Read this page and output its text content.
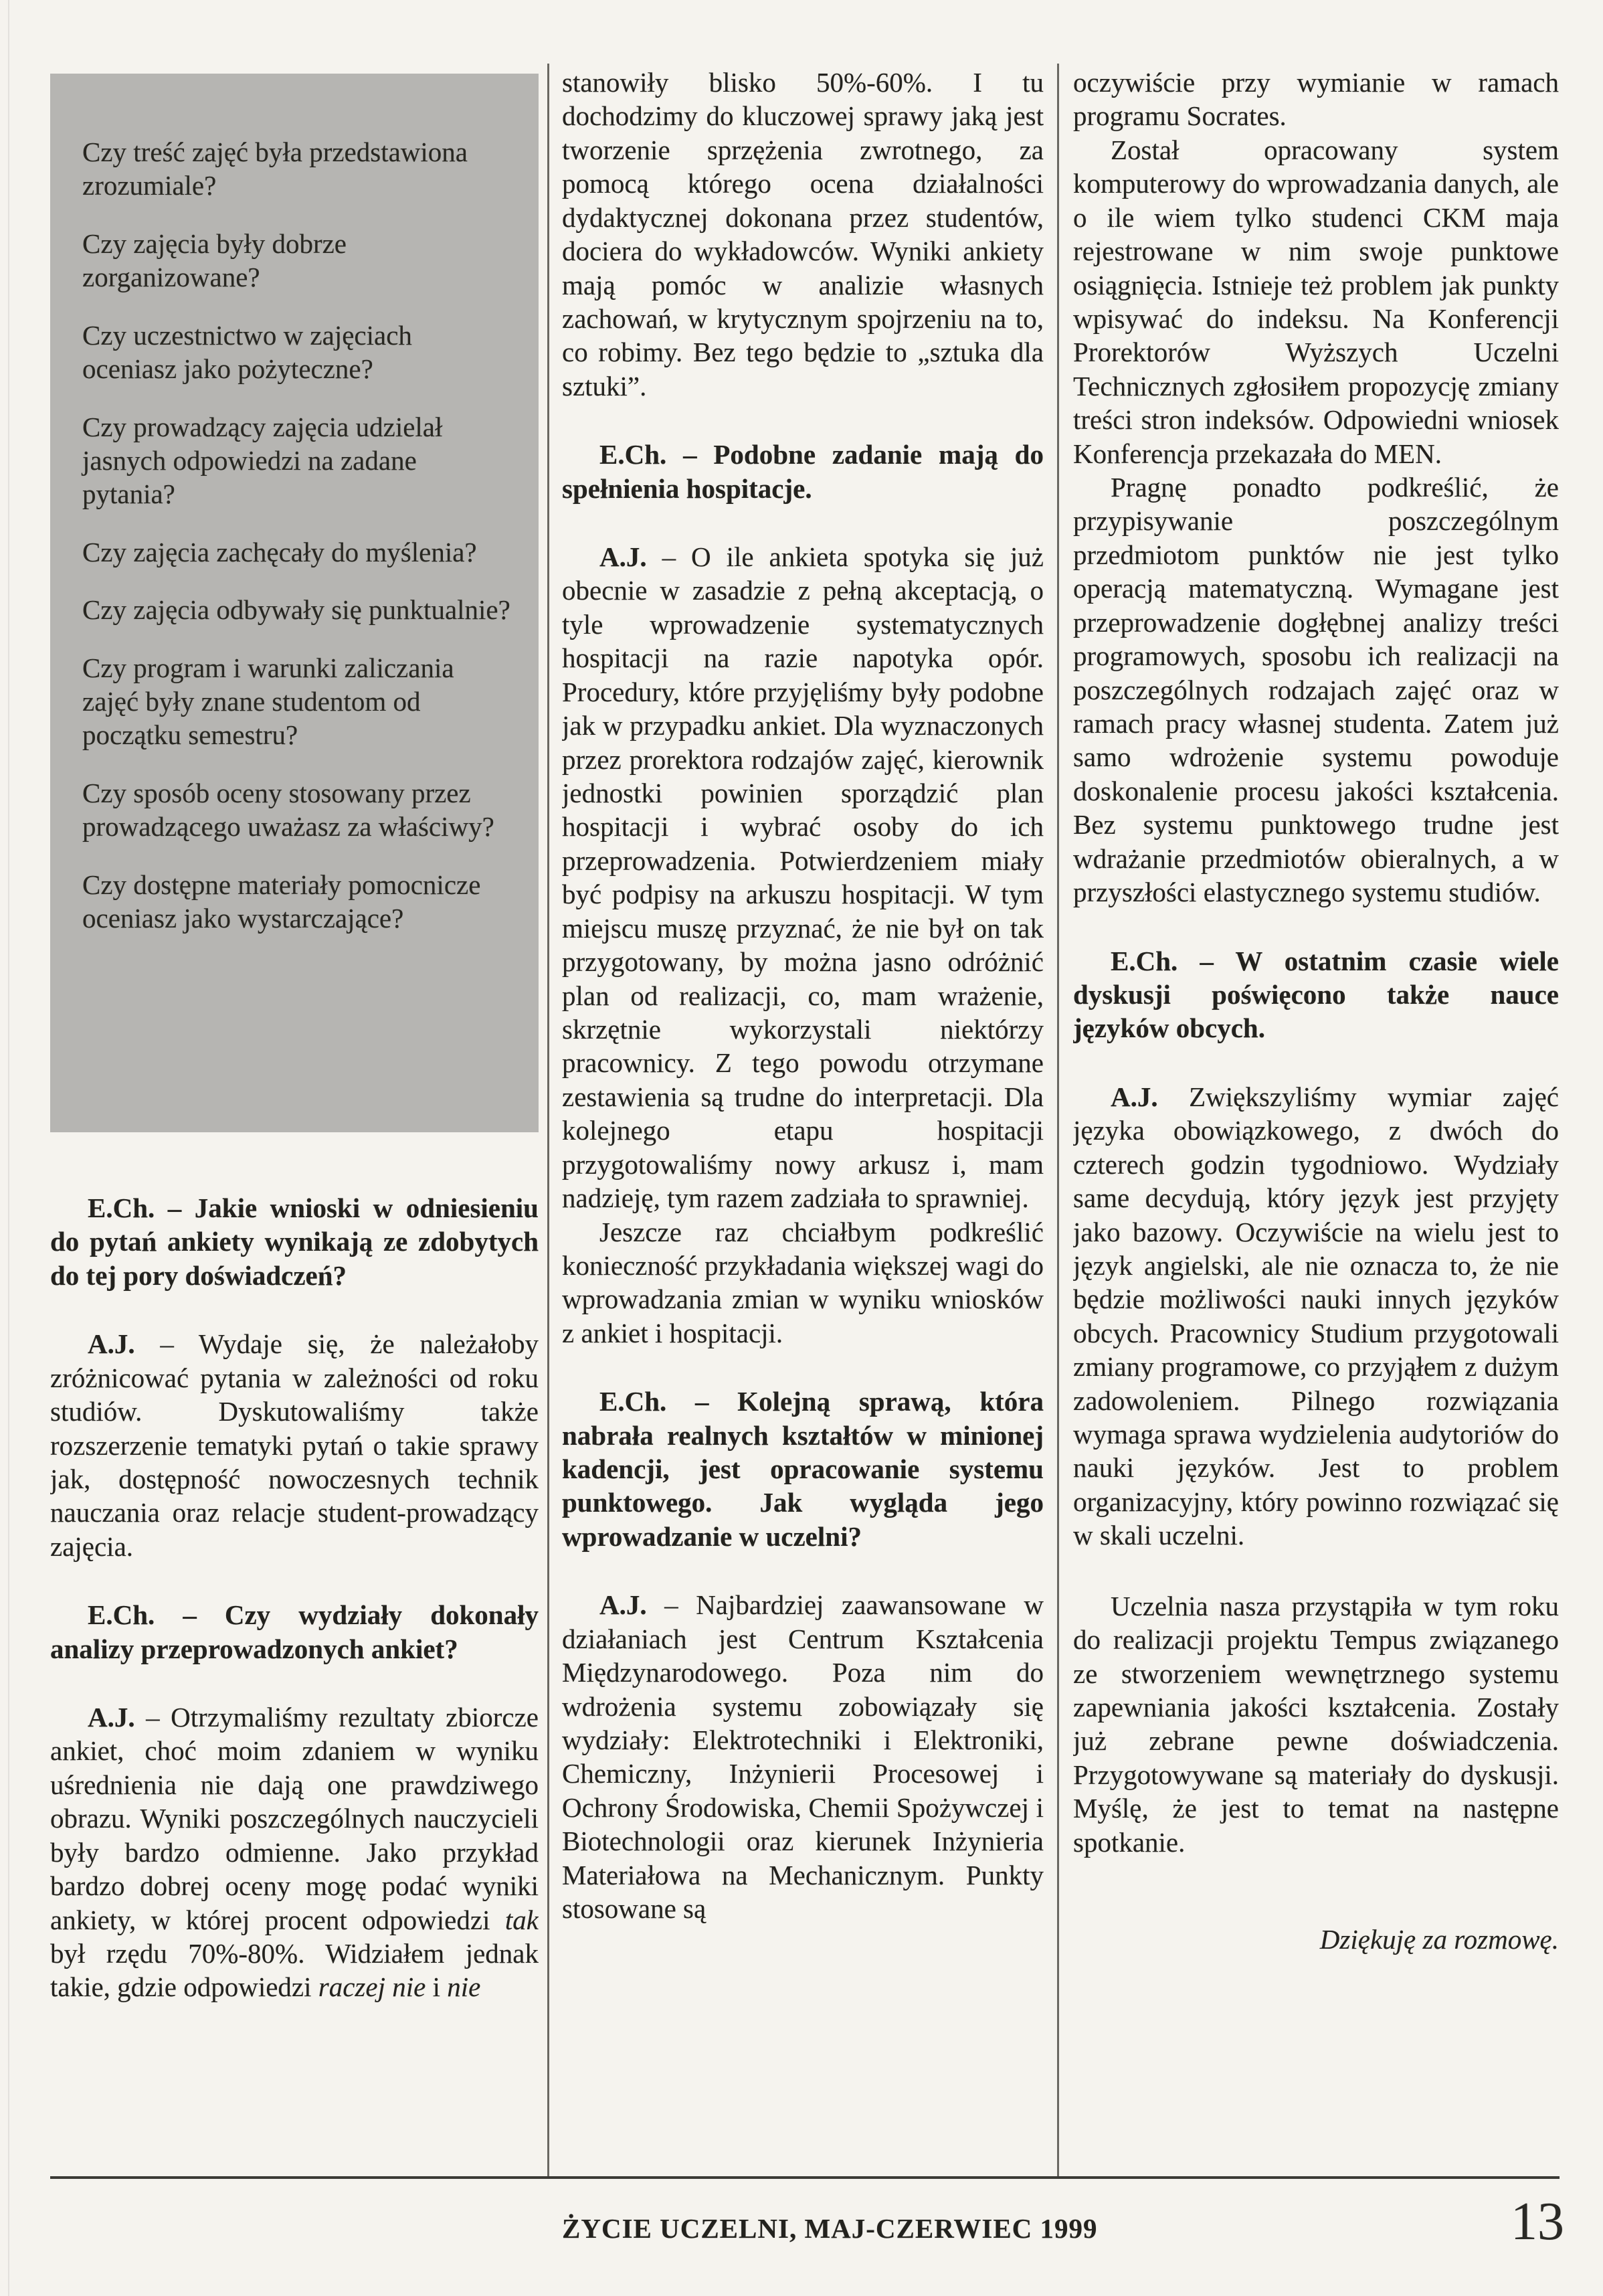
Czy treść zajęć była przedstawiona zrozumiale?

Czy zajęcia były dobrze zorganizowane?

Czy uczestnictwo w zajęciach oceniasz jako pożyteczne?

Czy prowadzący zajęcia udzielał jasnych odpowiedzi na zadane pytania?

Czy zajęcia zachęcały do myślenia?

Czy zajęcia odbywały się punktualnie?

Czy program i warunki zaliczania zajęć były znane studentom od początku semestru?

Czy sposób oceny stosowany przez prowadzącego uważasz za właściwy?

Czy dostępne materiały pomocnicze oceniasz jako wystarczające?

E.Ch. – Jakie wnioski w odniesieniu do pytań ankiety wynikają ze zdobytych do tej pory doświadczeń?

A.J. – Wydaje się, że należałoby zróżnicować pytania w zależności od roku studiów. Dyskutowaliśmy także rozszerzenie tematyki pytań o takie sprawy jak, dostępność nowoczesnych technik nauczania oraz relacje student-prowadzący zajęcia.

E.Ch. – Czy wydziały dokonały analizy przeprowadzonych ankiet?

A.J. – Otrzymaliśmy rezultaty zbiorcze ankiet, choć moim zdaniem w wyniku uśrednienia nie dają one prawdziwego obrazu. Wyniki poszczególnych nauczycieli były bardzo odmienne. Jako przykład bardzo dobrej oceny mogę podać wyniki ankiety, w której procent odpowiedzi tak był rzędu 70%-80%. Widziałem jednak takie, gdzie odpowiedzi raczej nie i nie

stanowiły blisko 50%-60%. I tu dochodzimy do kluczowej sprawy jaką jest tworzenie sprzężenia zwrotnego, za pomocą którego ocena działalności dydaktycznej dokonana przez studentów, dociera do wykładowców. Wyniki ankiety mają pomóc w analizie własnych zachowań, w krytycznym spojrzeniu na to, co robimy. Bez tego będzie to „sztuka dla sztuki”.

E.Ch. – Podobne zadanie mają do spełnienia hospitacje.

A.J. – O ile ankieta spotyka się już obecnie w zasadzie z pełną akceptacją, o tyle wprowadzenie systematycznych hospitacji na razie napotyka opór. Procedury, które przyjęliśmy były podobne jak w przypadku ankiet. Dla wyznaczonych przez prorektora rodzajów zajęć, kierownik jednostki powinien sporządzić plan hospitacji i wybrać osoby do ich przeprowadzenia. Potwierdzeniem miały być podpisy na arkuszu hospitacji. W tym miejscu muszę przyznać, że nie był on tak przygotowany, by można jasno odróżnić plan od realizacji, co, mam wrażenie, skrzętnie wykorzystali niektórzy pracownicy. Z tego powodu otrzymane zestawienia są trudne do interpretacji. Dla kolejnego etapu hospitacji przygotowaliśmy nowy arkusz i, mam nadzieję, tym razem zadziała to sprawniej.

Jeszcze raz chciałbym podkreślić konieczność przykładania większej wagi do wprowadzania zmian w wyniku wniosków z ankiet i hospitacji.

E.Ch. – Kolejną sprawą, która nabrała realnych kształtów w minionej kadencji, jest opracowanie systemu punktowego. Jak wygląda jego wprowadzanie w uczelni?

A.J. – Najbardziej zaawansowane w działaniach jest Centrum Kształcenia Międzynarodowego. Poza nim do wdrożenia systemu zobowiązały się wydziały: Elektrotechniki i Elektroniki, Chemiczny, Inżynierii Procesowej i Ochrony Środowiska, Chemii Spożywczej i Biotechnologii oraz kierunek Inżynieria Materiałowa na Mechanicznym. Punkty stosowane są

oczywiście przy wymianie w ramach programu Socrates.

Został opracowany system komputerowy do wprowadzania danych, ale o ile wiem tylko studenci CKM maja rejestrowane w nim swoje punktowe osiągnięcia. Istnieje też problem jak punkty wpisywać do indeksu. Na Konferencji Prorektorów Wyższych Uczelni Technicznych zgłosiłem propozycję zmiany treści stron indeksów. Odpowiedni wniosek Konferencja przekazała do MEN.

Pragnę ponadto podkreślić, że przypisywanie poszczególnym przedmiotom punktów nie jest tylko operacją matematyczną. Wymagane jest przeprowadzenie dogłębnej analizy treści programowych, sposobu ich realizacji na poszczególnych rodzajach zajęć oraz w ramach pracy własnej studenta. Zatem już samo wdrożenie systemu powoduje doskonalenie procesu jakości kształcenia. Bez systemu punktowego trudne jest wdrażanie przedmiotów obieralnych, a w przyszłości elastycznego systemu studiów.

E.Ch. – W ostatnim czasie wiele dyskusji poświęcono także nauce języków obcych.

A.J. Zwiększyliśmy wymiar zajęć języka obowiązkowego, z dwóch do czterech godzin tygodniowo. Wydziały same decydują, który język jest przyjęty jako bazowy. Oczywiście na wielu jest to język angielski, ale nie oznacza to, że nie będzie możliwości nauki innych języków obcych. Pracownicy Studium przygotowali zmiany programowe, co przyjąłem z dużym zadowoleniem. Pilnego rozwiązania wymaga sprawa wydzielenia audytoriów do nauki języków. Jest to problem organizacyjny, który powinno rozwiązać się w skali uczelni.

Uczelnia nasza przystąpiła w tym roku do realizacji projektu Tempus związanego ze stworzeniem wewnętrznego systemu zapewniania jakości kształcenia. Zostały już zebrane pewne doświadczenia. Przygotowywane są materiały do dyskusji. Myślę, że jest to temat na następne spotkanie.

Dziękuję za rozmowę.

ŻYCIE UCZELNI, MAJ-CZERWIEC 1999	13
